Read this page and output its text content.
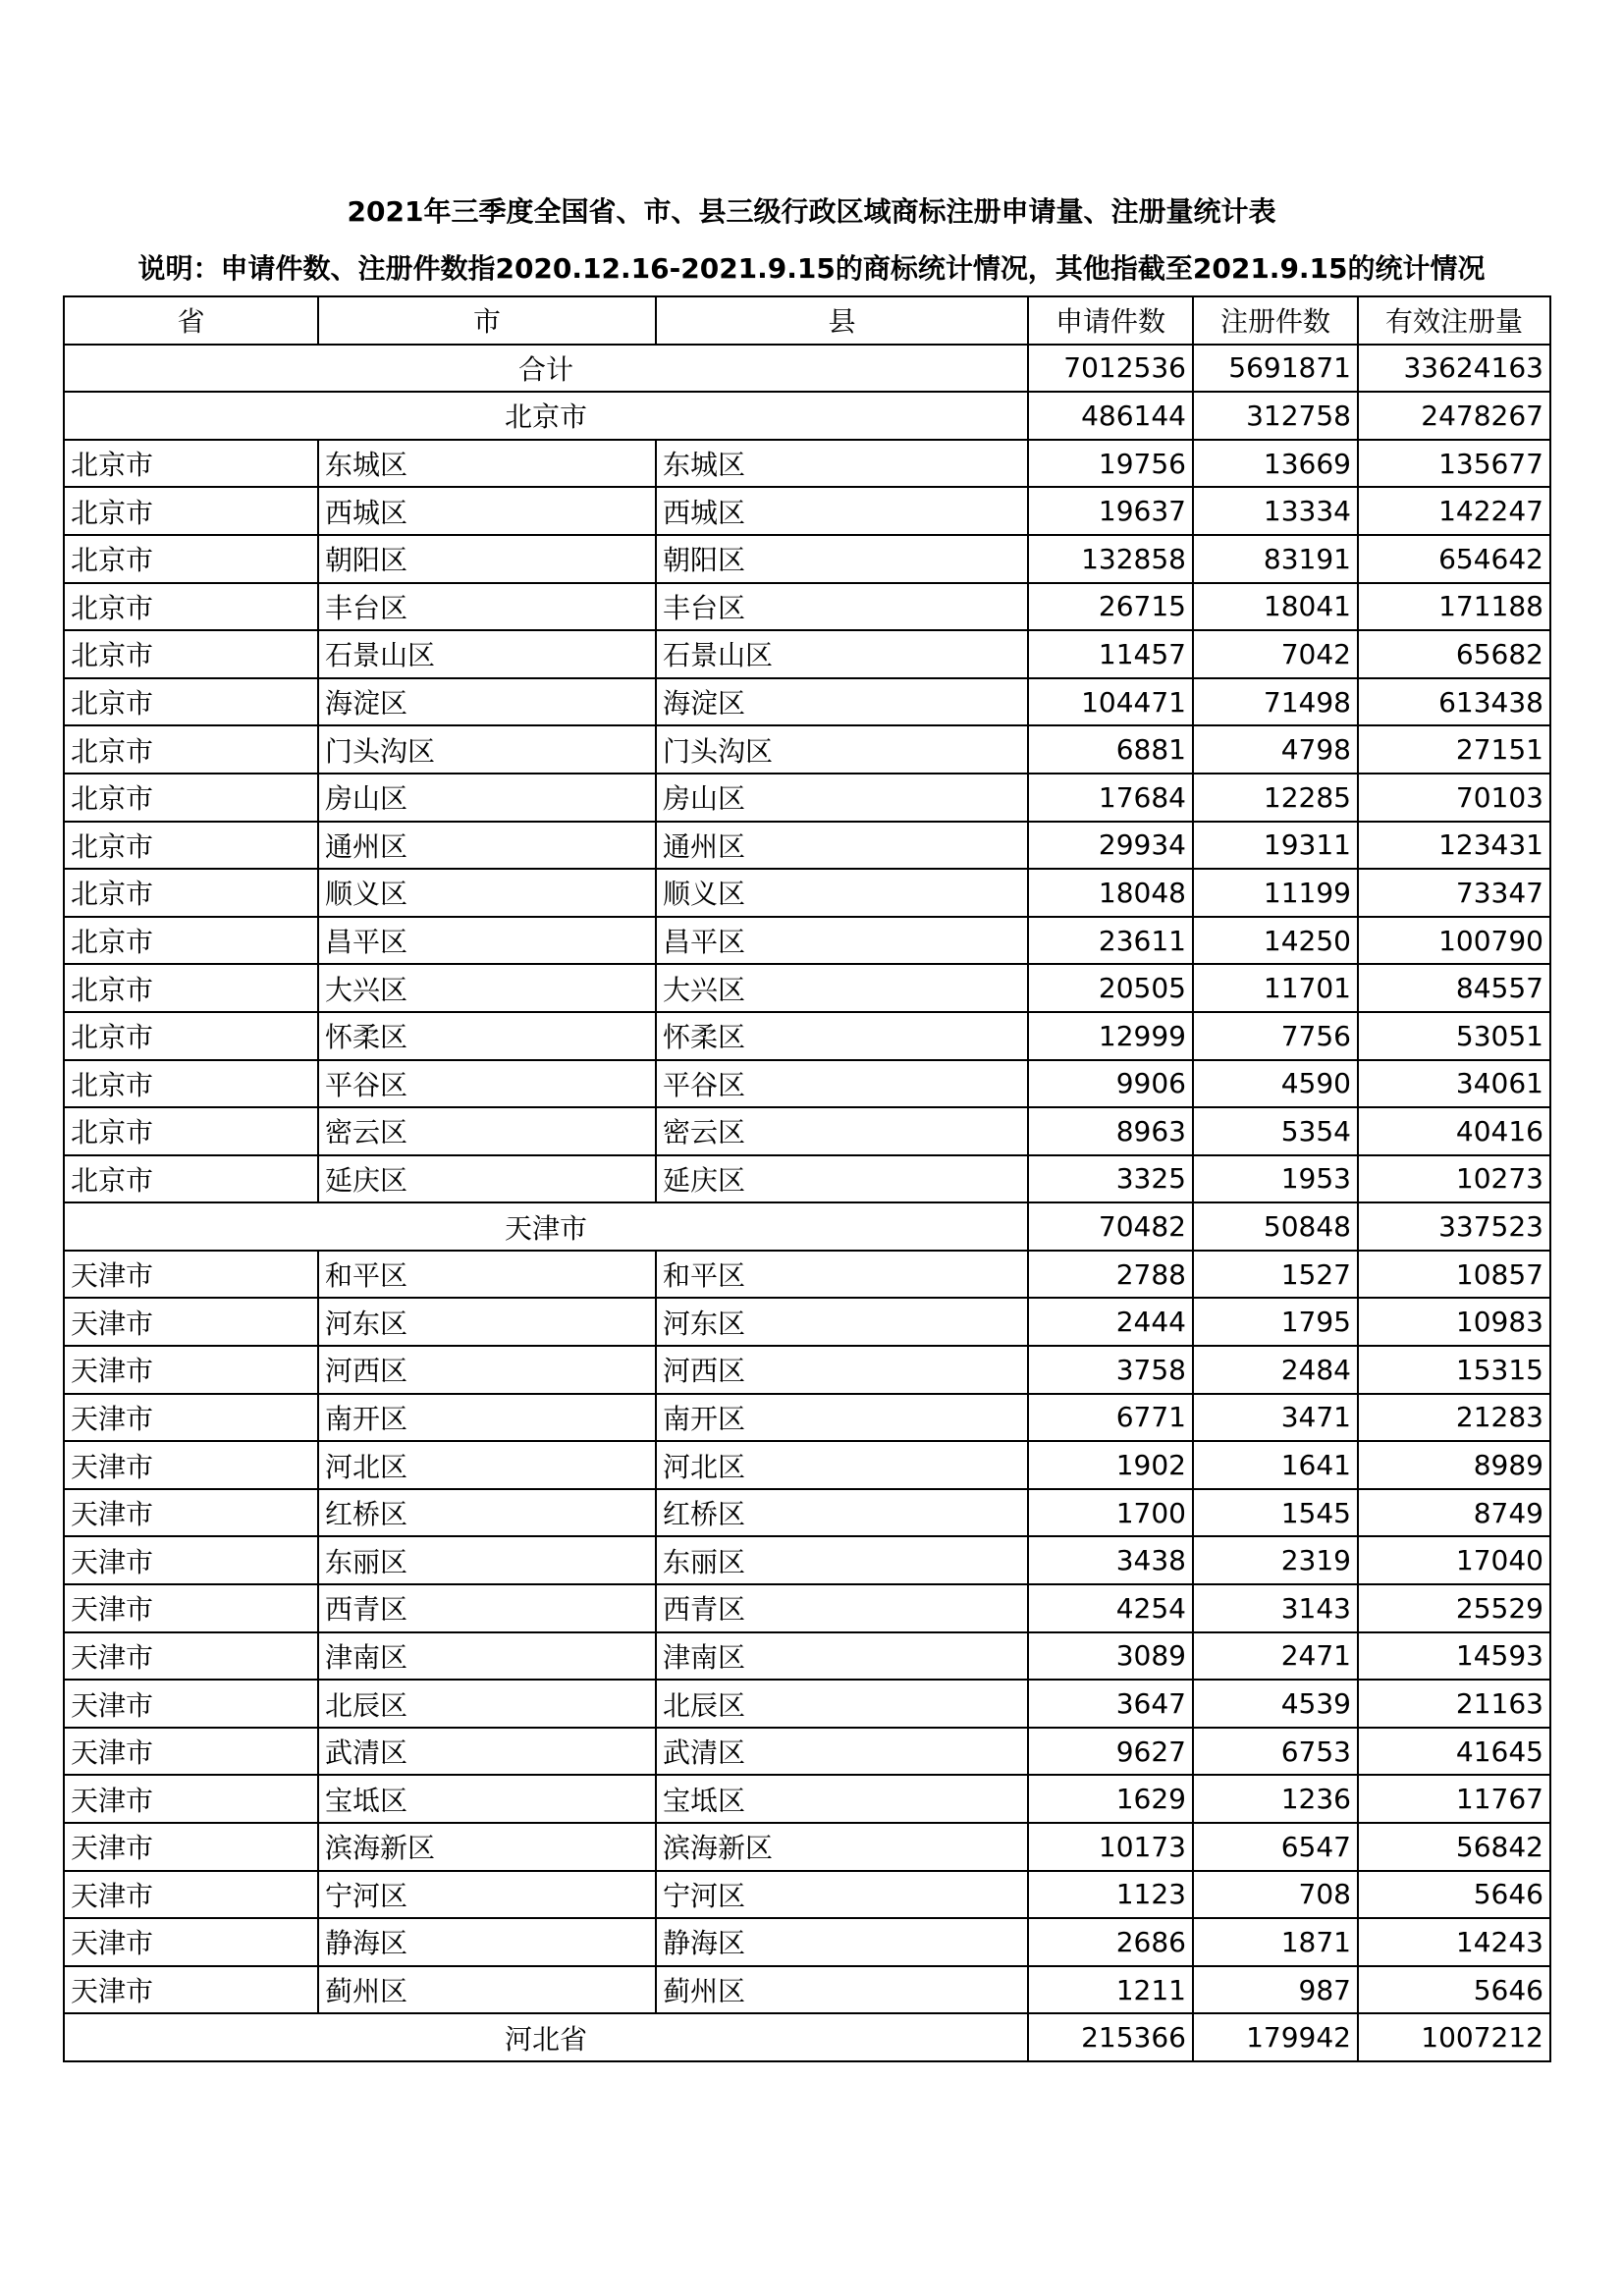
2021年三季度全国省、市、县三级行政区域商标注册申请量、注册量统计表
说明：申请件数、注册件数指2020.12.16-2021.9.15的商标统计情况，其他指截至2021.9.15的统计情况
省	市	县	申请件数	注册件数	有效注册量
合计			7012536	5691871	33624163
北京市			486144	312758	2478267
北京市	东城区	东城区	19756	13669	135677
北京市	西城区	西城区	19637	13334	142247
北京市	朝阳区	朝阳区	132858	83191	654642
北京市	丰台区	丰台区	26715	18041	171188
北京市	石景山区	石景山区	11457	7042	65682
北京市	海淀区	海淀区	104471	71498	613438
北京市	门头沟区	门头沟区	6881	4798	27151
北京市	房山区	房山区	17684	12285	70103
北京市	通州区	通州区	29934	19311	123431
北京市	顺义区	顺义区	18048	11199	73347
北京市	昌平区	昌平区	23611	14250	100790
北京市	大兴区	大兴区	20505	11701	84557
北京市	怀柔区	怀柔区	12999	7756	53051
北京市	平谷区	平谷区	9906	4590	34061
北京市	密云区	密云区	8963	5354	40416
北京市	延庆区	延庆区	3325	1953	10273
天津市			70482	50848	337523
天津市	和平区	和平区	2788	1527	10857
天津市	河东区	河东区	2444	1795	10983
天津市	河西区	河西区	3758	2484	15315
天津市	南开区	南开区	6771	3471	21283
天津市	河北区	河北区	1902	1641	8989
天津市	红桥区	红桥区	1700	1545	8749
天津市	东丽区	东丽区	3438	2319	17040
天津市	西青区	西青区	4254	3143	25529
天津市	津南区	津南区	3089	2471	14593
天津市	北辰区	北辰区	3647	4539	21163
天津市	武清区	武清区	9627	6753	41645
天津市	宝坻区	宝坻区	1629	1236	11767
天津市	滨海新区	滨海新区	10173	6547	56842
天津市	宁河区	宁河区	1123	708	5646
天津市	静海区	静海区	2686	1871	14243
天津市	蓟州区	蓟州区	1211	987	5646
河北省			215366	179942	1007212
